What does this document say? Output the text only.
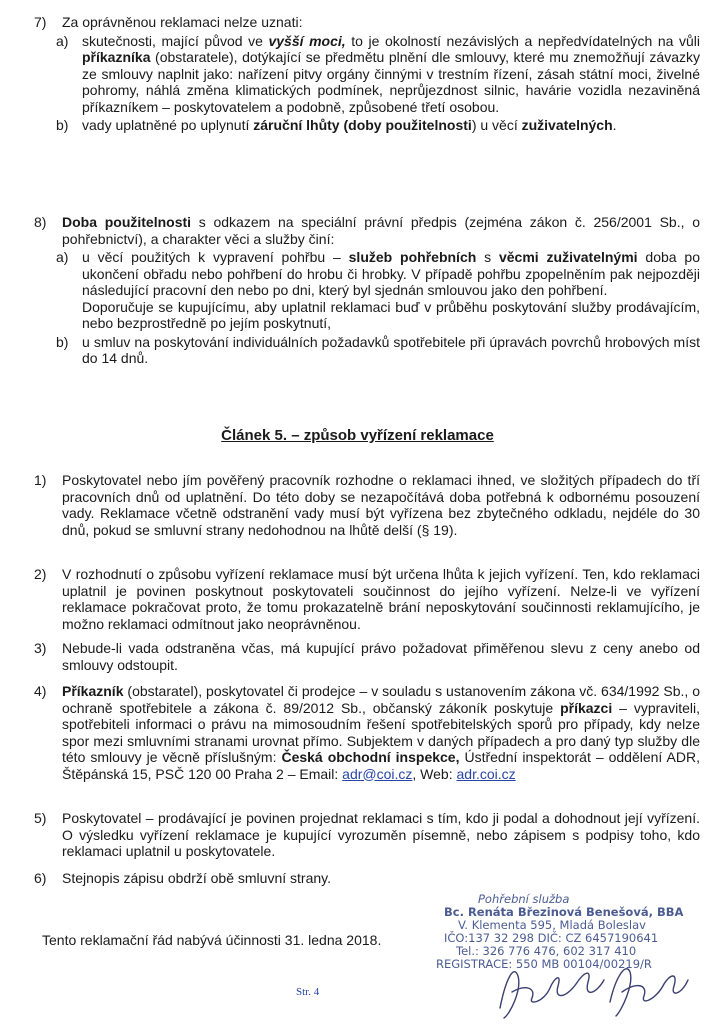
7) Za oprávněnou reklamaci nelze uznati:
a) skutečnosti, mající původ ve vyšší moci, to je okolností nezávislých a nepředvídatelných na vůli příkazníka (obstaratele), dotýkající se předmětu plnění dle smlouvy, které mu znemožňují závazky ze smlouvy naplnit jako: nařízení pitvy orgány činnými v trestním řízení, zásah státní moci, živelné pohromy, náhlá změna klimatických podmínek, neprůjezdnost silnic, havárie vozidla nezaviněná příkazníkem – poskytovatelem a podobně, způsobené třetí osobou.
b) vady uplatněné po uplynutí záruční lhůty (doby použitelnosti) u věcí zuživatelných.
8) Doba použitelnosti s odkazem na speciální právní předpis (zejména zákon č. 256/2001 Sb., o pohřebnictví), a charakter věci a služby činí:
a) u věcí použitých k vypravení pohřbu – služeb pohřebních s věcmi zuživatelnými doba po ukončení obřadu nebo pohřbení do hrobu či hrobky. V případě pohřbu zpopelněním pak nejpozději následující pracovní den nebo po dni, který byl sjednán smlouvou jako den pohřbení.
Doporučuje se kupujícímu, aby uplatnil reklamaci buď v průběhu poskytování služby prodávajícím, nebo bezprostředně po jejím poskytnutí,
b) u smluv na poskytování individuálních požadavků spotřebitele při úpravách povrchů hrobových míst do 14 dnů.
Článek 5. – způsob vyřízení reklamace
1) Poskytovatel nebo jím pověřený pracovník rozhodne o reklamaci ihned, ve složitých případech do tří pracovních dnů od uplatnění. Do této doby se nezapočítává doba potřebná k odbornému posouzení vady. Reklamace včetně odstranění vady musí být vyřízena bez zbytečného odkladu, nejdéle do 30 dnů, pokud se smluvní strany nedohodnou na lhůtě delší (§ 19).
2) V rozhodnutí o způsobu vyřízení reklamace musí být určena lhůta k jejich vyřízení. Ten, kdo reklamaci uplatnil je povinen poskytnout poskytovateli součinnost do jejího vyřízení. Nelze-li ve vyřízení reklamace pokračovat proto, že tomu prokazatelně brání neposkytování součinnosti reklamujícího, je možno reklamaci odmítnout jako neoprávněnou.
3) Nebude-li vada odstraněna včas, má kupující právo požadovat přiměřenou slevu z ceny anebo od smlouvy odstoupit.
4) Příkazník (obstaratel), poskytovatel či prodejce – v souladu s ustanovením zákona vč. 634/1992 Sb., o ochraně spotřebitele a zákona č. 89/2012 Sb., občanský zákoník poskytuje příkazci – vypraviteli, spotřebiteli informaci o právu na mimosoudním řešení spotřebitelských sporů pro případy, kdy nelze spor mezi smluvními stranami urovnat přímo. Subjektem v daných případech a pro daný typ služby dle této smlouvy je věcně příslušným: Česká obchodní inspekce, Ústřední inspektorát – oddělení ADR, Štěpánská 15, PSČ 120 00 Praha 2 – Email: adr@coi.cz, Web: adr.coi.cz
5) Poskytovatel – prodávající je povinen projednat reklamaci s tím, kdo ji podal a dohodnout její vyřízení. O výsledku vyřízení reklamace je kupující vyrozuměn písemně, nebo zápisem s podpisy toho, kdo reklamaci uplatnil u poskytovatele.
6) Stejnopis zápisu obdrží obě smluvní strany.
Tento reklamační řád nabývá účinnosti 31. ledna 2018.
Str. 4
Pohřební služba
Bc. Renáta Březinová Benešová, BBA
V. Klementa 595, Mladá Boleslav
IČO:137 32 298 DIČ: CZ 6457190641
Tel.: 326 776 476, 602 317 410
REGISTRACE: 550 MB 00104/00219/R
